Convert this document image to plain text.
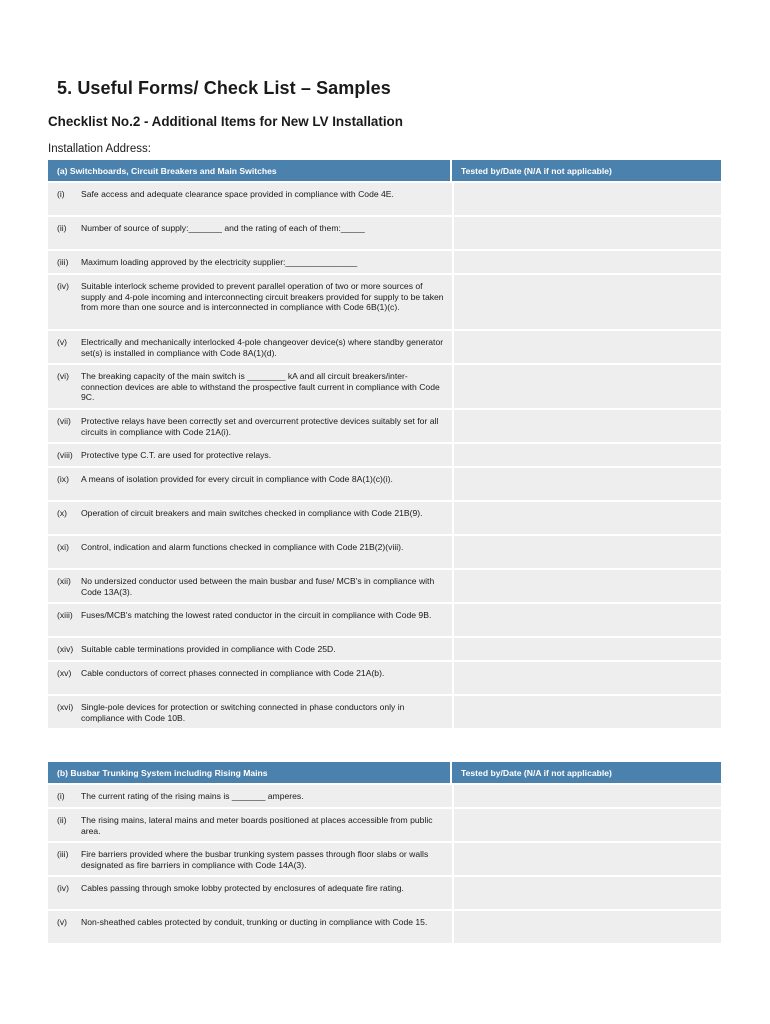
5. Useful Forms/ Check List – Samples
Checklist No.2 - Additional Items for New LV Installation
Installation Address:
(a) Switchboards, Circuit Breakers and Main Switches		Tested by/Date (N/A if not applicable)
(i)	Safe access and adequate clearance space provided in compliance with Code 4E.	
(ii)	Number of source of supply:_______ and the rating of each of them:_____	
(iii)	Maximum loading approved by the electricity supplier:_______________	
(iv)	Suitable interlock scheme provided to prevent parallel operation of two or more sources of supply and 4-pole incoming and interconnecting circuit breakers provided for supply to be taken from more than one source and is interconnected in compliance with Code 6B(1)(c).	
(v)	Electrically and mechanically interlocked 4-pole changeover device(s) where standby generator set(s) is installed in compliance with Code 8A(1)(d).	
(vi)	The breaking capacity of the main switch is ________ kA and all circuit breakers/inter-connection devices are able to withstand the prospective fault current in compliance with Code 9C.	
(vii)	Protective relays have been correctly set and overcurrent protective devices suitably set for all circuits in compliance with Code 21A(i).	
(viii)	Protective type C.T. are used for protective relays.	
(ix)	A means of isolation provided for every circuit in compliance with Code 8A(1)(c)(i).	
(x)	Operation of circuit breakers and main switches checked in compliance with Code 21B(9).	
(xi)	Control, indication and alarm functions checked in compliance with Code 21B(2)(viii).	
(xii)	No undersized conductor used between the main busbar and fuse/ MCB's in compliance with Code 13A(3).	
(xiii)	Fuses/MCB's matching the lowest rated conductor in the circuit in compliance with Code 9B.	
(xiv)	Suitable cable terminations provided in compliance with Code 25D.	
(xv)	Cable conductors of correct phases connected in compliance with Code 21A(b).	
(xvi)	Single-pole devices for protection or switching connected in phase conductors only in compliance with Code 10B.	
(b) Busbar Trunking System including Rising Mains		Tested by/Date (N/A if not applicable)
(i)	The current rating of the rising mains is _______ amperes.	
(ii)	The rising mains, lateral mains and meter boards positioned at places accessible from public area.	
(iii)	Fire barriers provided where the busbar trunking system passes through floor slabs or walls designated as fire barriers in compliance with Code 14A(3).	
(iv)	Cables passing through smoke lobby protected by enclosures of adequate fire rating.	
(v)	Non-sheathed cables protected by conduit, trunking or ducting in compliance with Code 15.	
